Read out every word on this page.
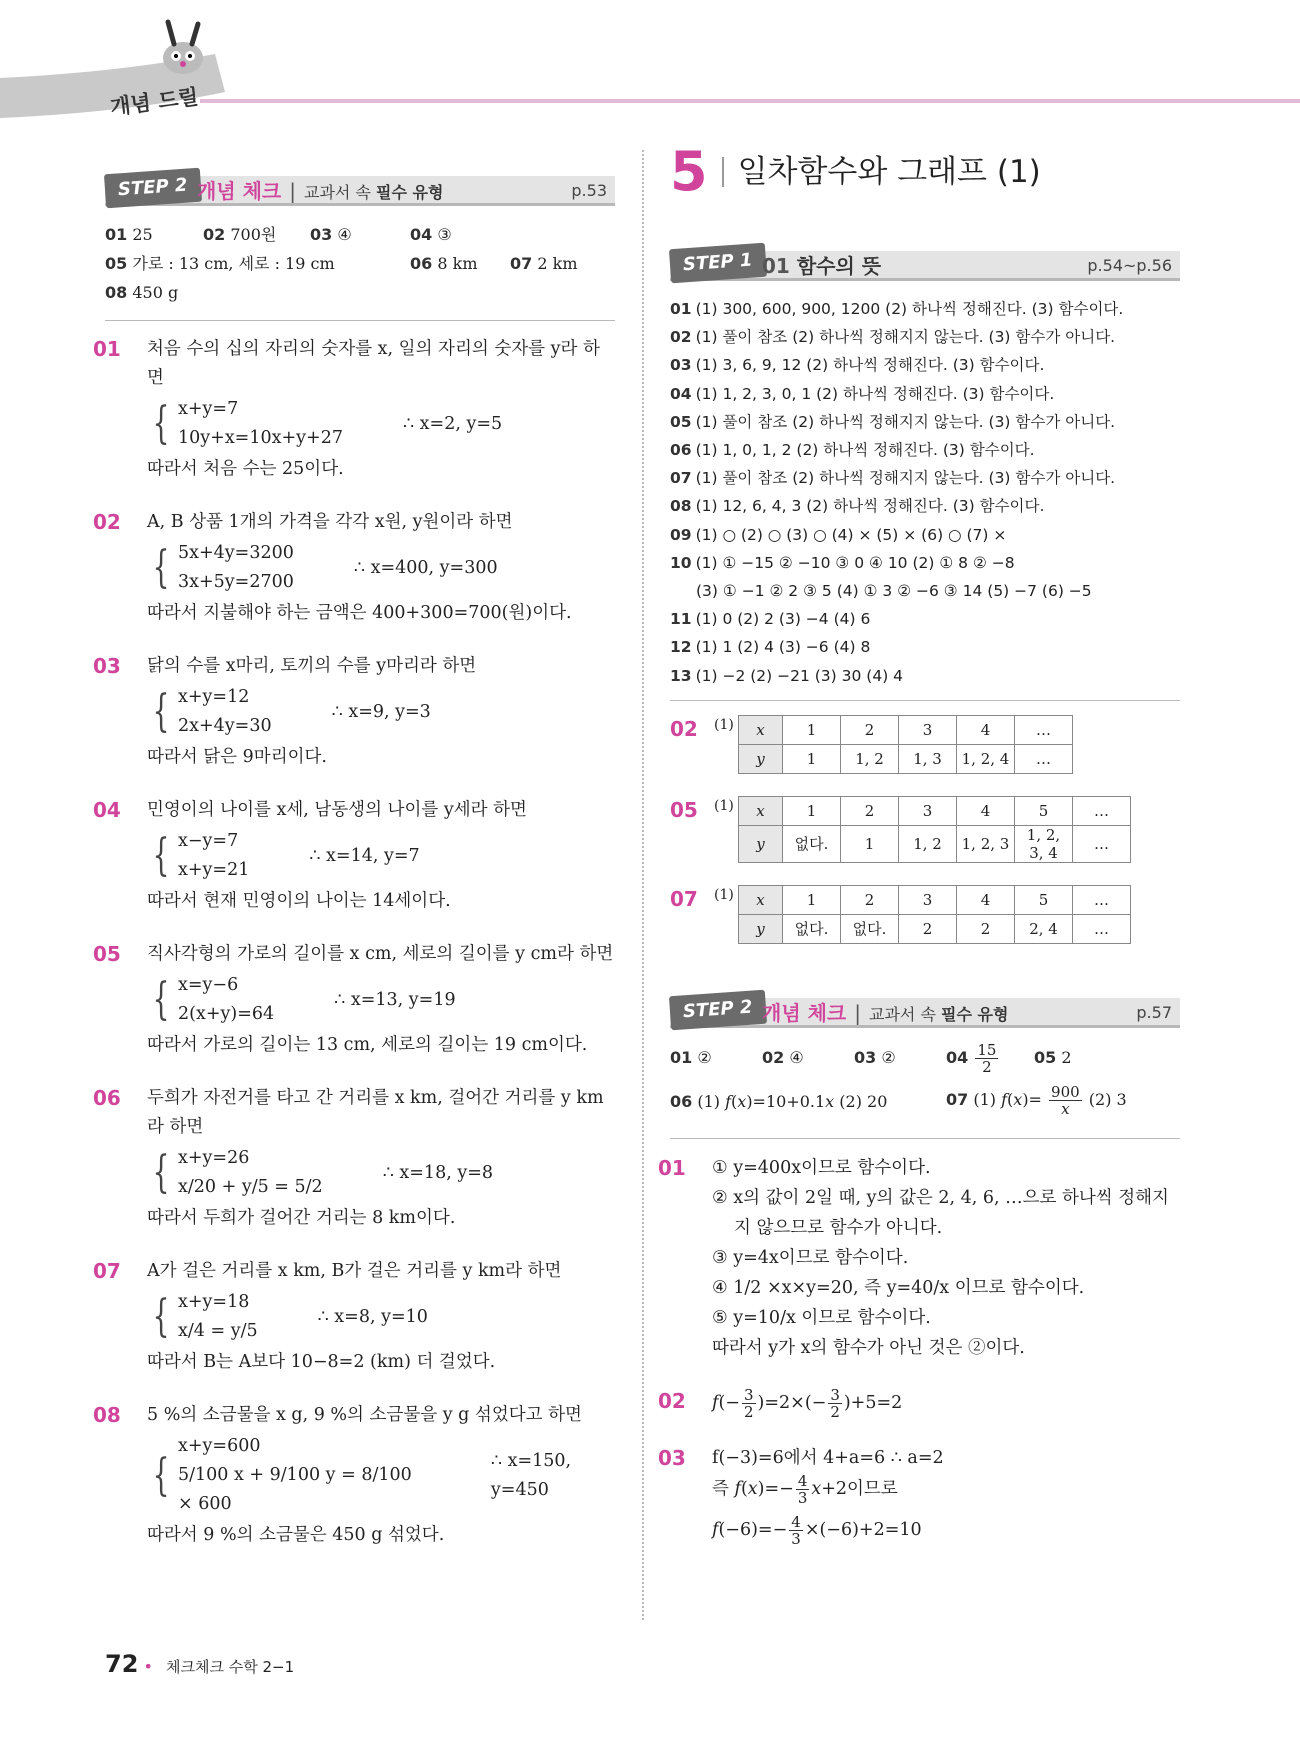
개념 드릴
STEP 2 개념 체크 | 교과서 속 필수 유형	p.53
01 25	02 700원 03 ④	04 ③
05 가로 : 13 cm, 세로 : 19 cm	06 8 km 07 2 km
08 450 g
01 처음 수의 십의 자리의 숫자를 x, 일의 자리의 숫자를 y라 하면
{ x+y=7
10y+x=10x+y+27
∴ x=2, y=5
따라서 처음 수는 25이다.
02 A, B 상품 1개의 가격을 각각 x원, y원이라 하면
{ 5x+4y=3200
3x+5y=2700
∴ x=400, y=300
따라서 지불해야 하는 금액은 400+300=700(원)이다.
03 닭의 수를 x마리, 토끼의 수를 y마리라 하면
{ x+y=12
2x+4y=30
∴ x=9, y=3
따라서 닭은 9마리이다.
04 민영이의 나이를 x세, 남동생의 나이를 y세라 하면
{ x−y=7
x+y=21
∴ x=14, y=7
따라서 현재 민영이의 나이는 14세이다.
05 직사각형의 가로의 길이를 x cm, 세로의 길이를 y cm라 하면
{ x=y−6
2(x+y)=64
∴ x=13, y=19
따라서 가로의 길이는 13 cm, 세로의 길이는 19 cm이다.
06 두희가 자전거를 타고 간 거리를 x km, 걸어간 거리를 y km라 하면
{ x+y=26
x/20 + y/5 = 5/2
∴ x=18, y=8
따라서 두희가 걸어간 거리는 8 km이다.
07 A가 걸은 거리를 x km, B가 걸은 거리를 y km라 하면
{ x+y=18
x/4 = y/5
∴ x=8, y=10
따라서 B는 A보다 10−8=2 (km) 더 걸었다.
08 5 %의 소금물을 x g, 9 %의 소금물을 y g 섞었다고 하면
{
x+y=600
5/100 x + 9/100 y = 8/100 × 600
∴ x=150, y=450
따라서 9 %의 소금물은 450 g 섞었다.
5 일차함수와 그래프 (1)
STEP 1 01 함수의 뜻	p.54~p.56
01 (1) 300, 600, 900, 1200 (2) 하나씩 정해진다. (3) 함수이다.
02 (1) 풀이 참조 (2) 하나씩 정해지지 않는다. (3) 함수가 아니다.
03 (1) 3, 6, 9, 12 (2) 하나씩 정해진다. (3) 함수이다.
04 (1) 1, 2, 3, 0, 1 (2) 하나씩 정해진다. (3) 함수이다.
05 (1) 풀이 참조 (2) 하나씩 정해지지 않는다. (3) 함수가 아니다.
06 (1) 1, 0, 1, 2 (2) 하나씩 정해진다. (3) 함수이다.
07 (1) 풀이 참조 (2) 하나씩 정해지지 않는다. (3) 함수가 아니다.
08 (1) 12, 6, 4, 3 (2) 하나씩 정해진다. (3) 함수이다.
09 (1) ○ (2) ○ (3) ○ (4) × (5) × (6) ○ (7) ×
10 (1) ① −15 ② −10 ③ 0 ④ 10 (2) ① 8 ② −8
(3) ① −1 ② 2 ③ 5 (4) ① 3 ② −6 ③ 14 (5) −7 (6) −5
11 (1) 0 (2) 2 (3) −4 (4) 6
12 (1) 1 (2) 4 (3) −6 (4) 8
13 (1) −2 (2) −21 (3) 30 (4) 4
02 (1) x	1	2	3	4	…
y	1	1, 2	1, 3	1, 2, 4	…
05 (1) x	1	2	3	4	5	…
y	없다.	1	1, 2	1, 2, 3	1, 2, 3, 4	…
07 (1) x	1	2	3	4	5	…
y	없다.	없다.	2	2	2, 4	…
STEP 2 개념 체크 | 교과서 속 필수 유형	p.57
01 ②	02 ④	03 ②	$04 \frac{15}{2} 05$ 2
06 (1) f(x)=10+0.1x (2) 20	07 (1) $f(x)= \frac{900}{x} (2)$ 3
01 ① y=400x이므로 함수이다.
② x의 값이 2일 때, y의 값은 2, 4, 6, …으로 하나씩 정해지
지 않으므로 함수가 아니다.
③ y=4x이므로 함수이다.
④ 1/2 ×x×y=20, 즉 y=40/x 이므로 함수이다.
⑤ y=10/x 이므로 함수이다.
따라서 y가 x의 함수가 아닌 것은 ②이다.
02 $f(- \frac{3}{2} )=2\times(- \frac{3}{2} )+5=2$
03 f(−3)=6에서 4+a=6 ∴ a=2
즉 $f(x)=- \frac{4}{3} x+2$이므로
$f(-6)=- \frac{4}{3} \times(-6)+2=10$
72 • 체크체크 수학 2−1
